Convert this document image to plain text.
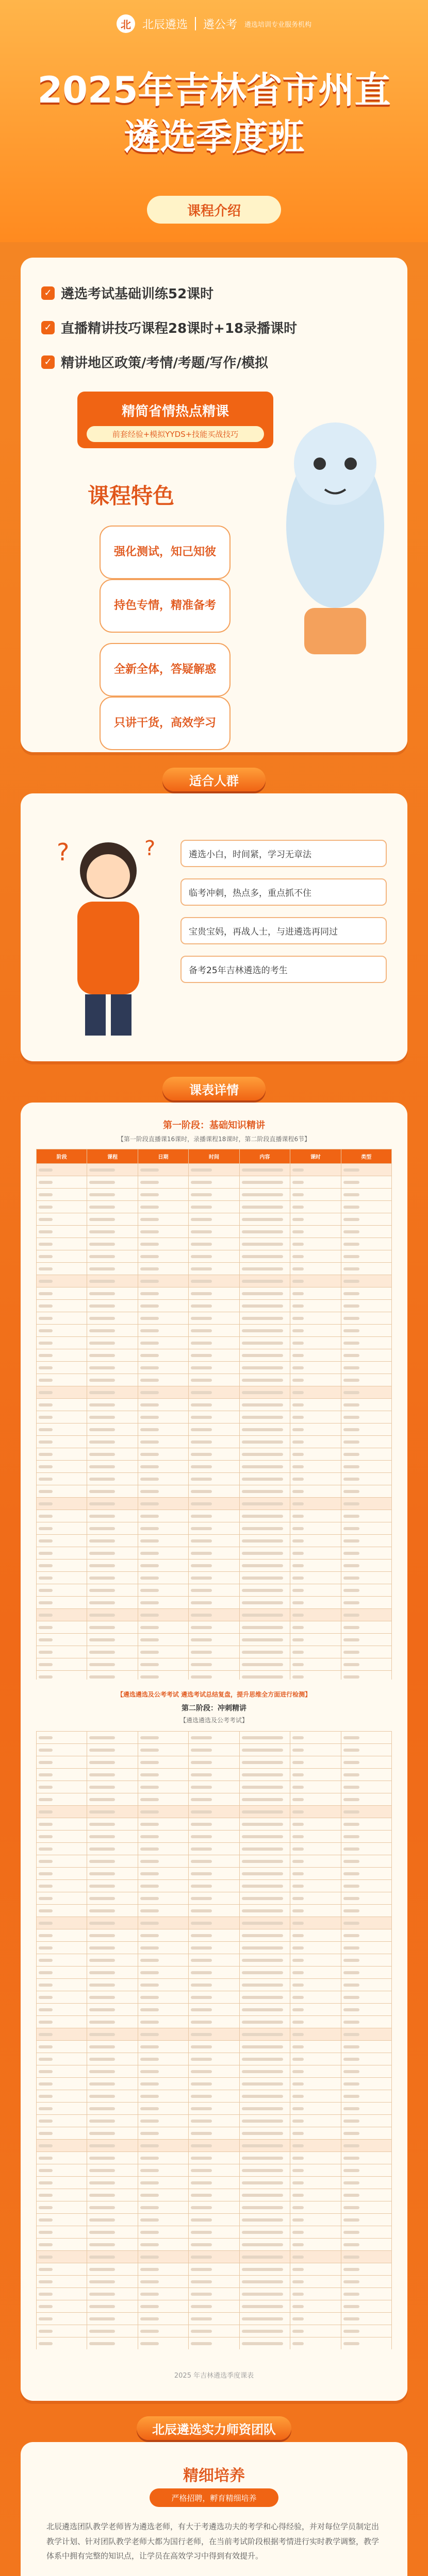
北	北辰遴选 遴公考 遴选培训专业服务机构
2025年吉林省市州直
遴选季度班
课程介绍
✓ 遴选考试基础训练52课时
✓ 直播精讲技巧课程28课时+18录播课时
✓ 精讲地区政策/考情/考题/写作/模拟
精简省情热点精课
前套经验+模拟YYDS+技能买战技巧
课程特色
强化测试，知己知彼
持色专情，精准备考
全新全体，答疑解惑
只讲干货，高效学习
适合人群
?	?	遴选小白，时间紧，学习无章法
临考冲刺，热点多，重点抓不住
宝贵宝妈，再战人士，与进遴选再同过
备考25年吉林遴选的考生
课表详情
第一阶段：基础知识精讲
【第一阶段直播课16课时，录播课程18课时，第二阶段直播课程6节】
阶段	课程	日期	时间	内容	课时	类型

【遴选遴选及公考考试 遴选考试总结复盘，提升思维全方面进行检测】
第二阶段：冲刺精讲
【遴选遴选及公考考试】

2025 年吉林遴选季度课表
北辰遴选实力师资团队
精细培养
严格招聘，孵育精细培养
北辰遴选团队教学老师皆为遴选老师，有大于考遴选功夫的考学和心得经验，并对每位学员制定出教学计划、针对团队教学老师大都为国行老师，在当前考试阶段根据考情进行实时教学调整，教学体系中拥有完整的知识点，让学员在高效学习中得到有效提升。
